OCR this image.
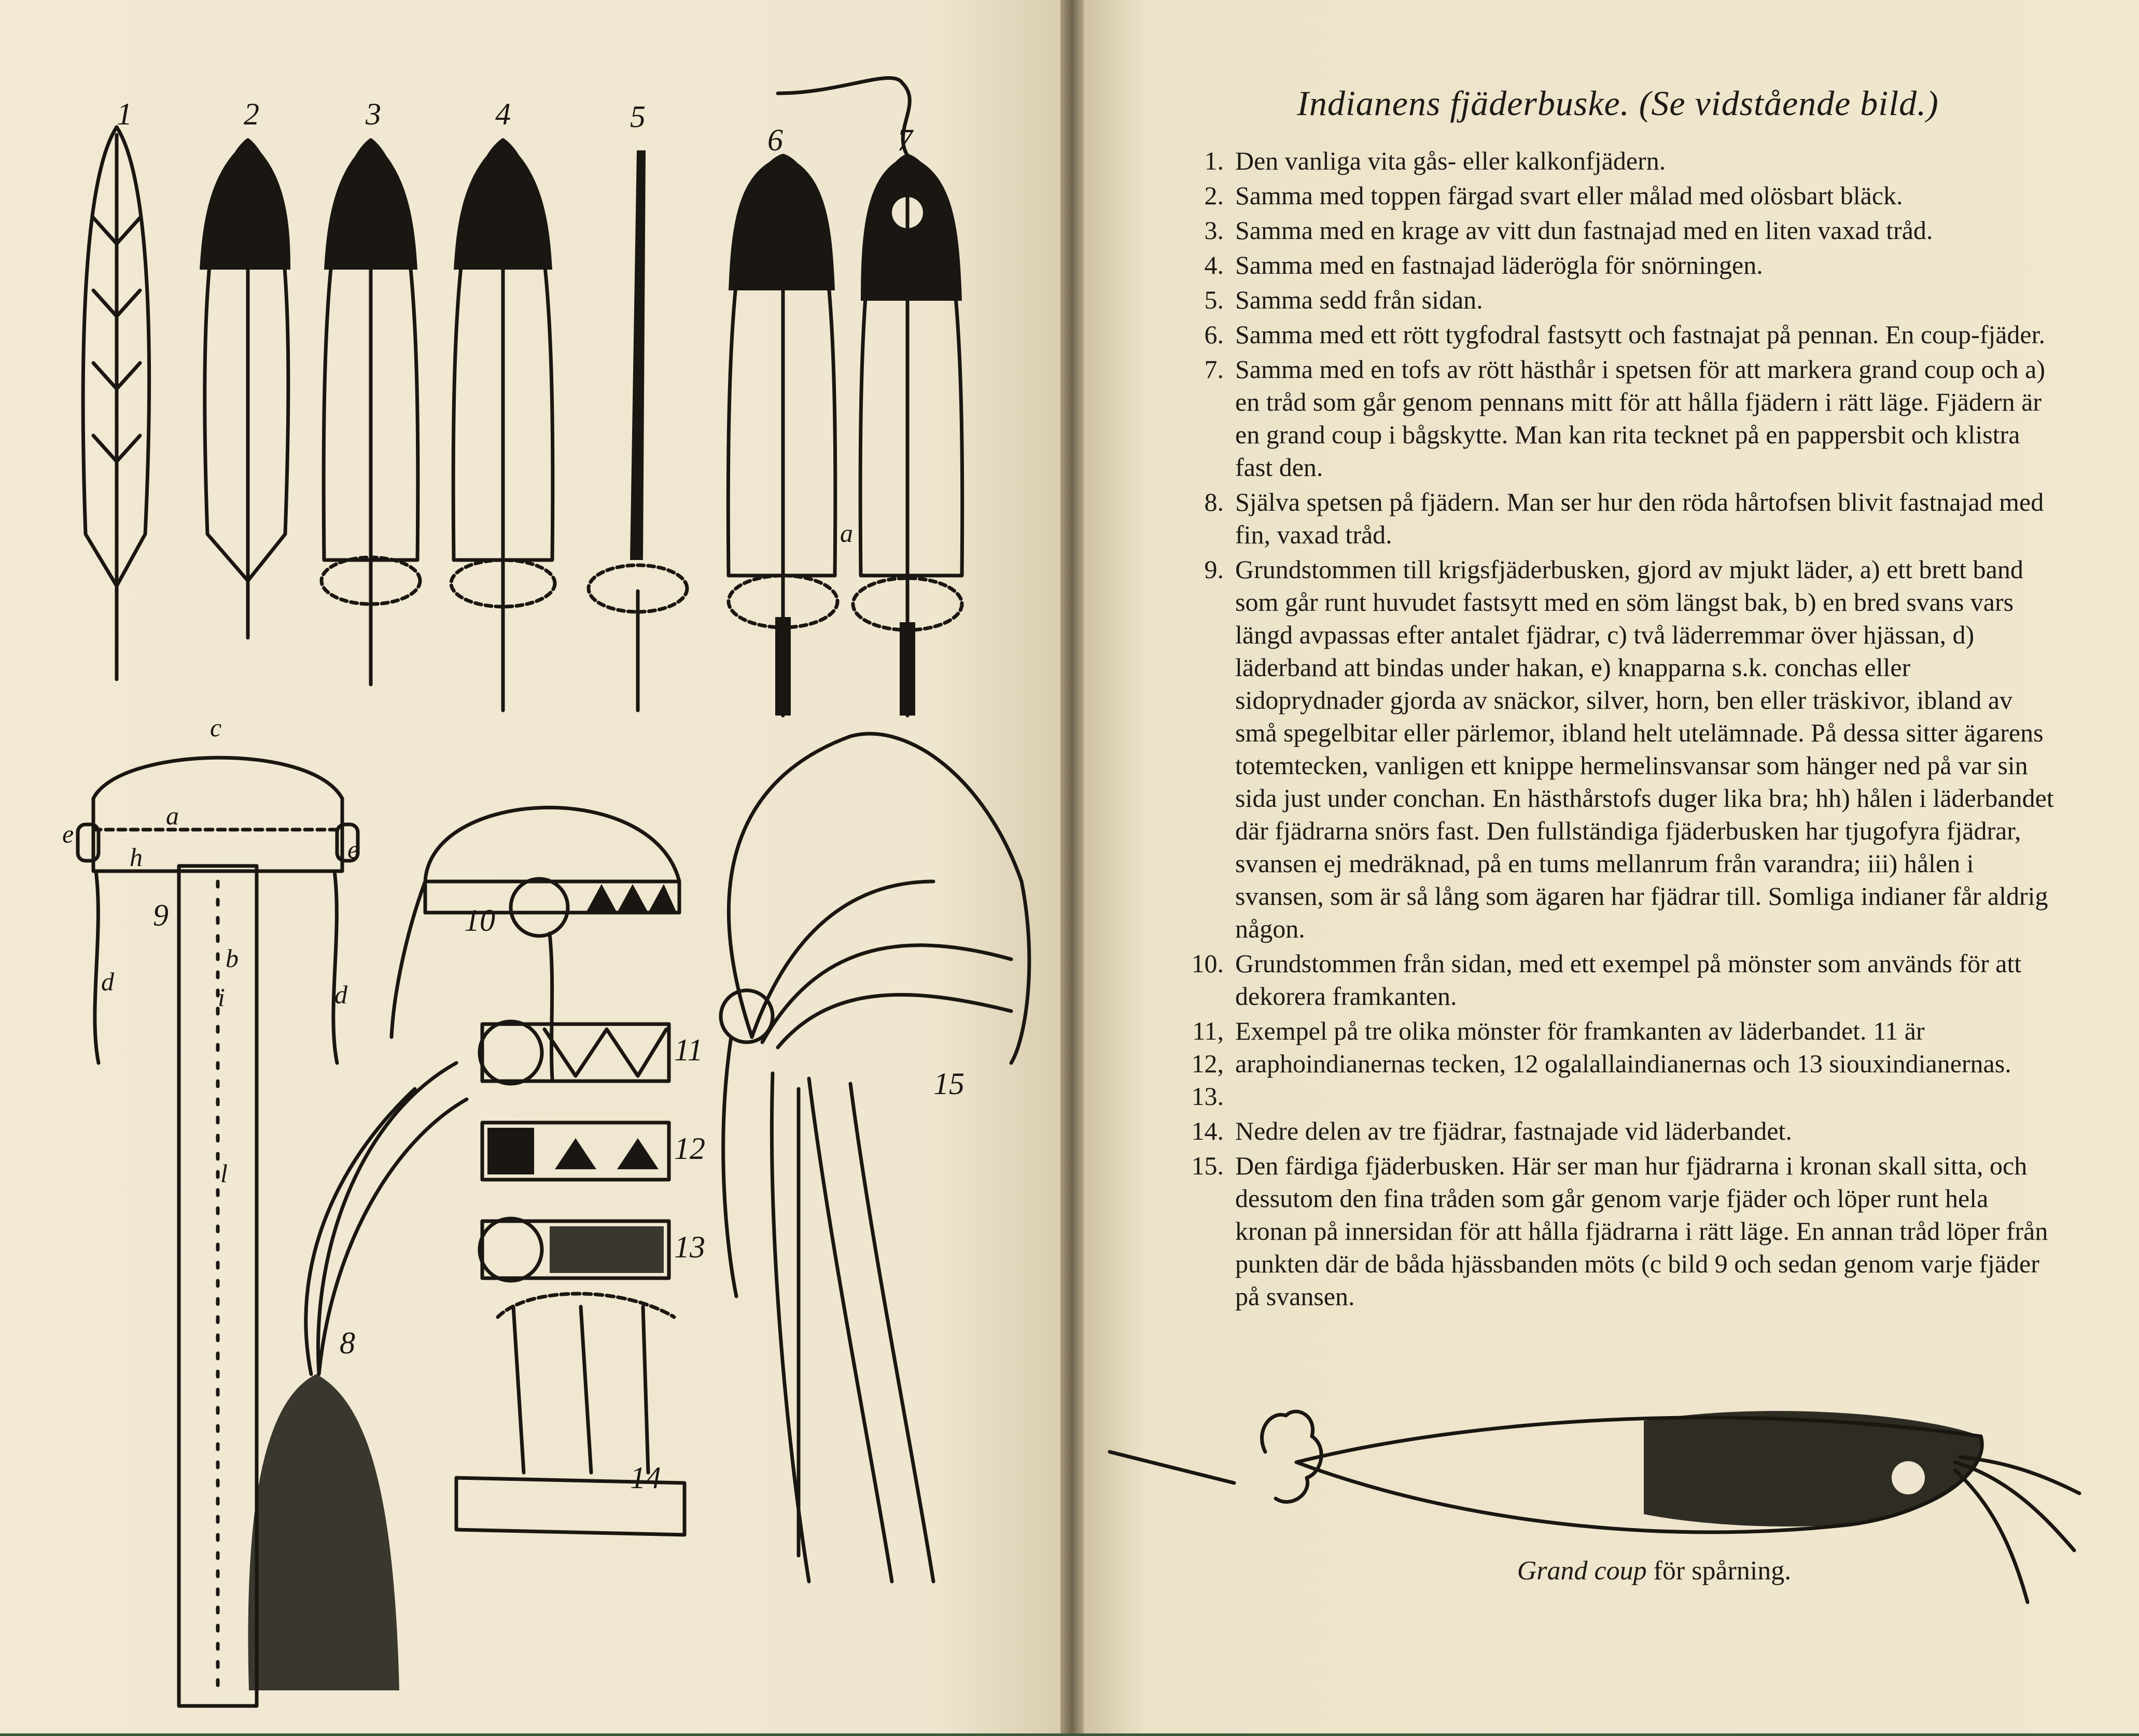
1	2	3	4	5
6	7
9	10
11
12
13
8
14
15
a
c
e
e
a
h
b
i
d	d
l
Indianens fjäderbuske. (Se vidstående bild.)
1. Den vanliga vita gås- eller kalkonfjädern.
2. Samma med toppen färgad svart eller målad med olösbart bläck.
3. Samma med en krage av vitt dun fastnajad med en liten vaxad tråd.
4. Samma med en fastnajad läderögla för snörningen.
5. Samma sedd från sidan.
6. Samma med ett rött tygfodral fastsytt och fastnajat på pennan. En coup-fjäder.
7. Samma med en tofs av rött hästhår i spetsen för att markera grand coup och a) en tråd som går genom pennans mitt för att hålla fjädern i rätt läge. Fjädern är en grand coup i bågskytte. Man kan rita tecknet på en pappersbit och klistra fast den.
8. Själva spetsen på fjädern. Man ser hur den röda hårtofsen blivit fastnajad med fin, vaxad tråd.
9. Grundstommen till krigsfjäderbusken, gjord av mjukt läder, a) ett brett band som går runt huvudet fastsytt med en söm längst bak, b) en bred svans vars längd avpassas efter antalet fjädrar, c) två läderremmar över hjässan, d) läderband att bindas under hakan, e) knapparna s.k. conchas eller sidoprydnader gjorda av snäckor, silver, horn, ben eller träskivor, ibland av små spegelbitar eller pärlemor, ibland helt utelämnade. På dessa sitter ägarens totemtecken, vanligen ett knippe hermelinsvansar som hänger ned på var sin sida just under conchan. En hästhårstofs duger lika bra; hh) hålen i läderbandet där fjädrarna snörs fast. Den fullständiga fjäderbusken har tjugofyra fjädrar, svansen ej medräknad, på en tums mellanrum från varandra; iii) hålen i svansen, som är så lång som ägaren har fjädrar till. Somliga indianer får aldrig någon.
10. Grundstommen från sidan, med ett exempel på mönster som används för att dekorera framkanten.
11, 12, 13.
Exempel på tre olika mönster för framkanten av läderbandet. 11 är araphoindianernas tecken, 12 ogalallaindianernas och 13 siouxindianernas.
14. Nedre delen av tre fjädrar, fastnajade vid läderbandet.
15. Den färdiga fjäderbusken. Här ser man hur fjädrarna i kronan skall sitta, och dessutom den fina tråden som går genom varje fjäder och löper runt hela kronan på innersidan för att hålla fjädrarna i rätt läge. En annan tråd löper från punkten där de båda hjässbanden möts (c bild 9 och sedan genom varje fjäder på svansen.
Grand coup för spårning.
